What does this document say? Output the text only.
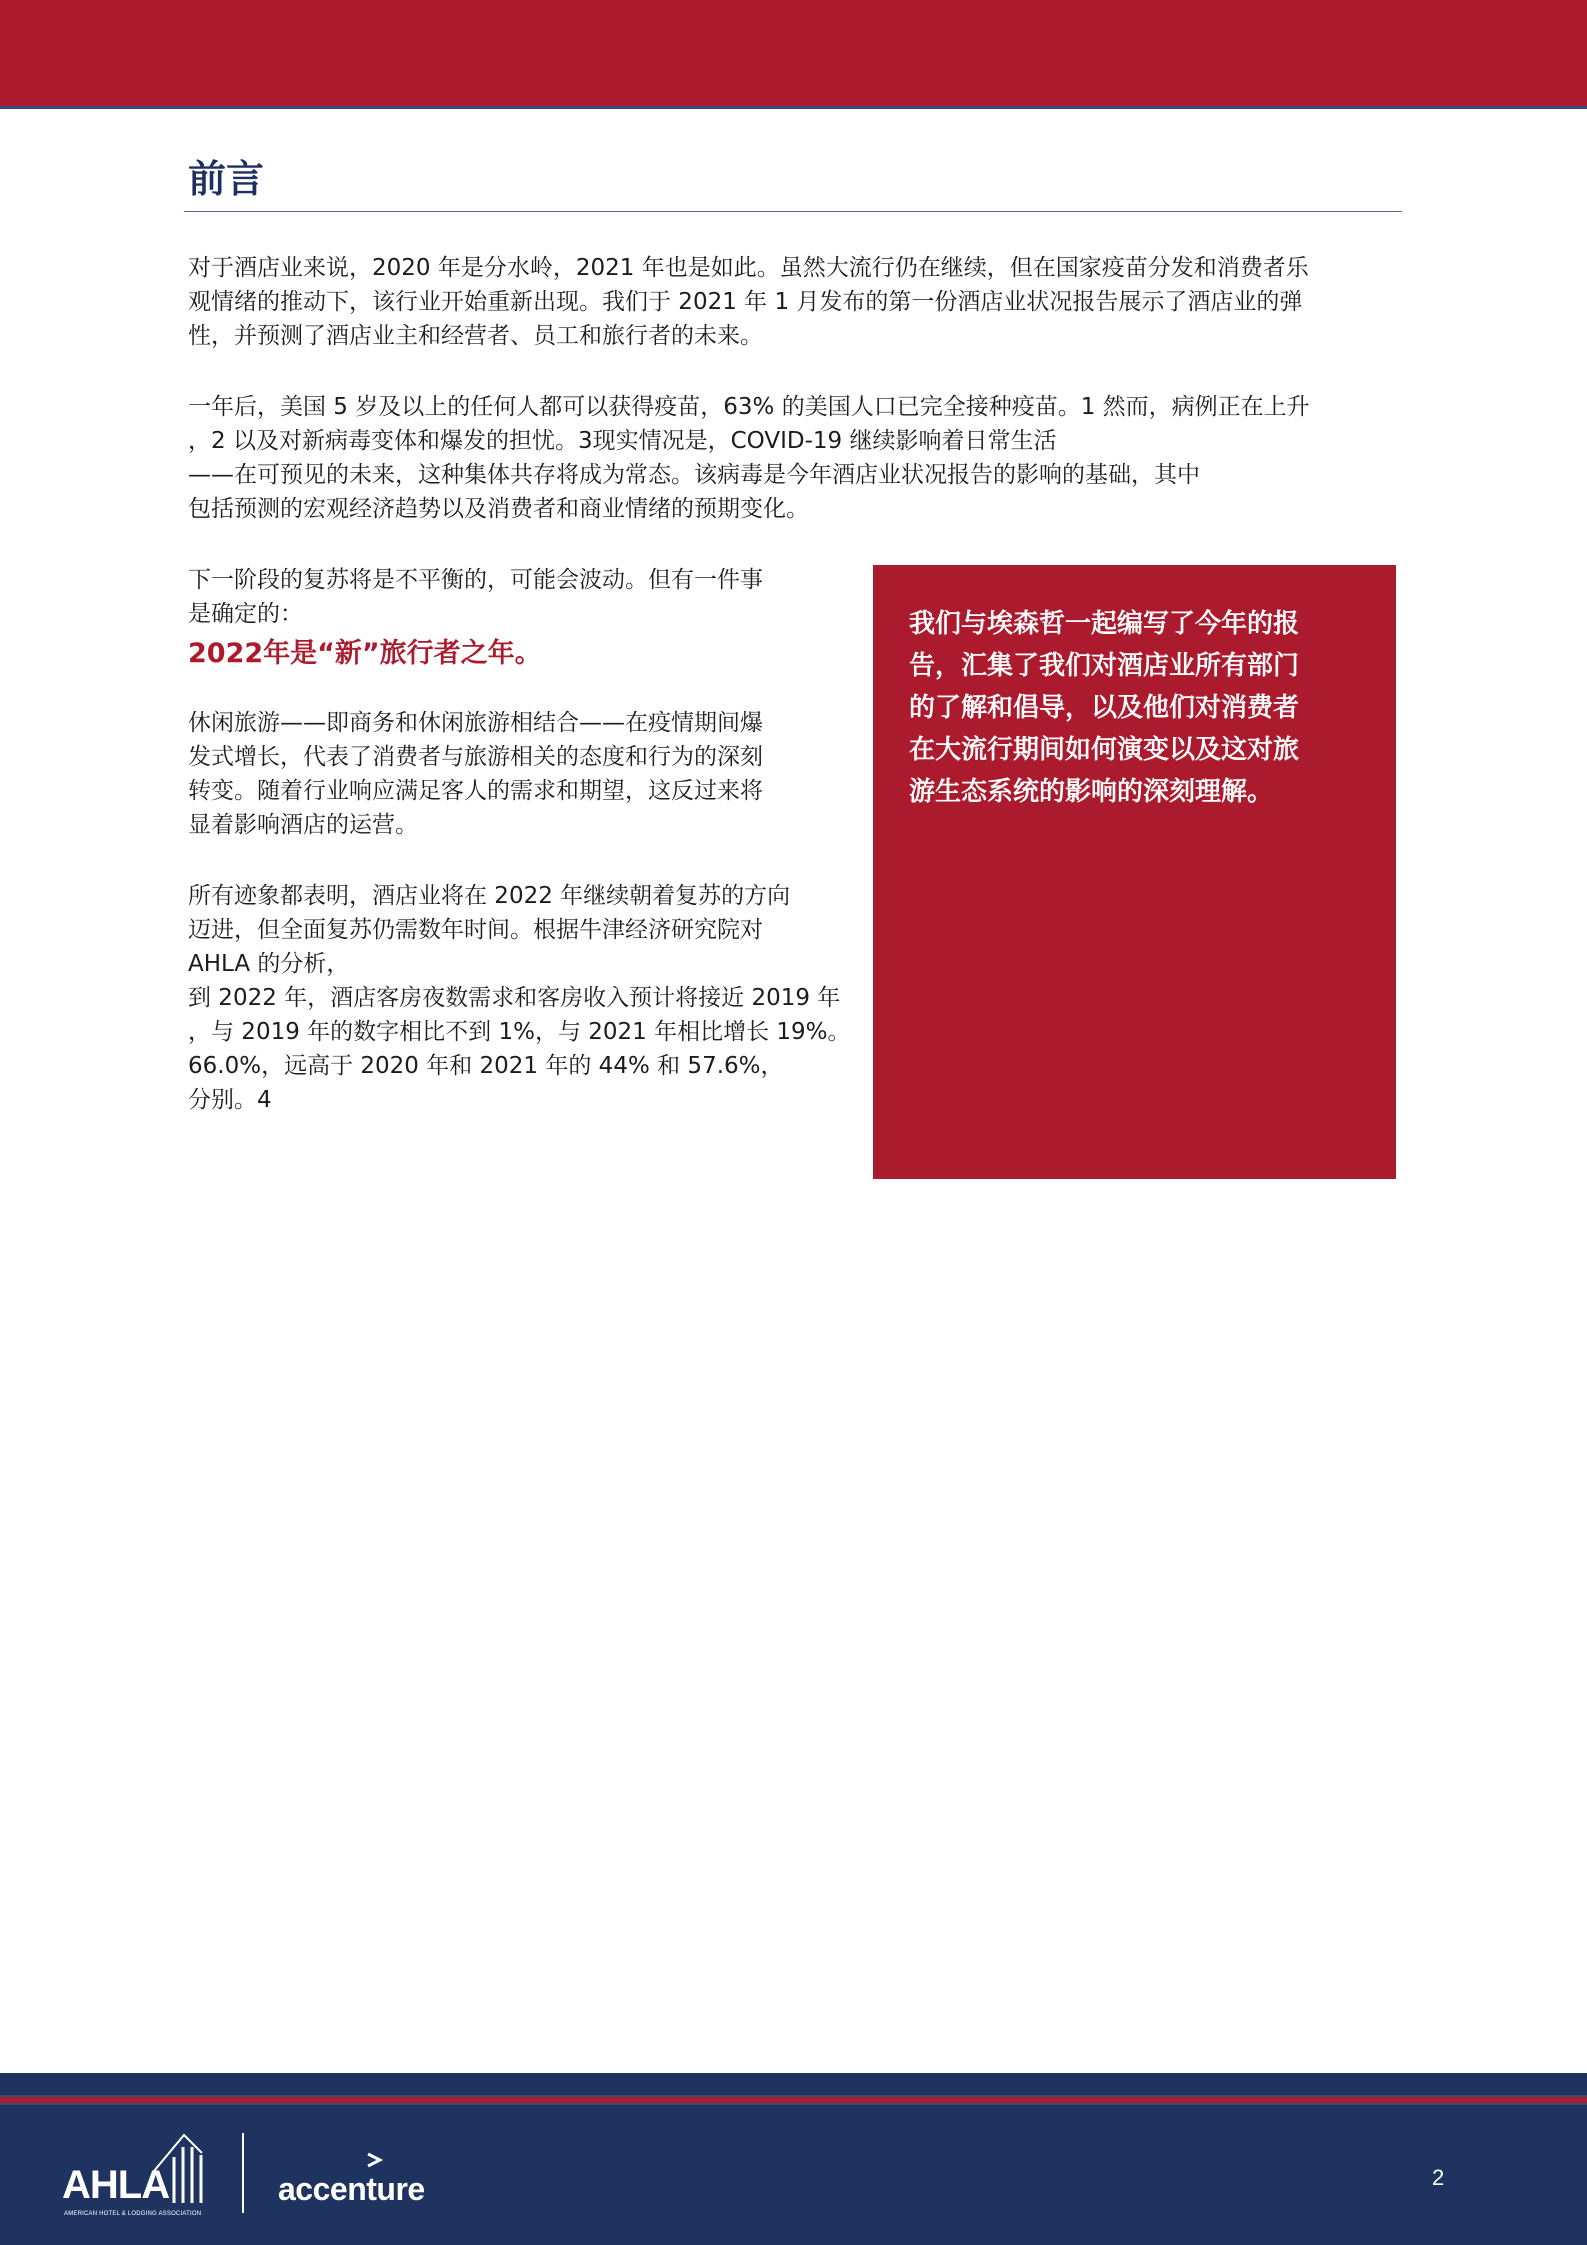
前言

对于酒店业来说，2020 年是分水岭，2021 年也是如此。虽然大流行仍在继续，但在国家疫苗分发和消费者乐
观情绪的推动下，该行业开始重新出现。我们于 2021 年 1 月发布的第一份酒店业状况报告展示了酒店业的弹
性，并预测了酒店业主和经营者、员工和旅行者的未来。

一年后，美国 5 岁及以上的任何人都可以获得疫苗，63% 的美国人口已完全接种疫苗。1 然而，病例正在上升
，2 以及对新病毒变体和爆发的担忧。3现实情况是，COVID-19 继续影响着日常生活
——在可预见的未来，这种集体共存将成为常态。该病毒是今年酒店业状况报告的影响的基础，其中
包括预测的宏观经济趋势以及消费者和商业情绪的预期变化。

下一阶段的复苏将是不平衡的，可能会波动。但有一件事
是确定的：

2022年是“新”旅行者之年。

休闲旅游——即商务和休闲旅游相结合——在疫情期间爆
发式增长，代表了消费者与旅游相关的态度和行为的深刻
转变。随着行业响应满足客人的需求和期望，这反过来将
显着影响酒店的运营。

所有迹象都表明，酒店业将在 2022 年继续朝着复苏的方向
迈进，但全面复苏仍需数年时间。根据牛津经济研究院对
AHLA 的分析，
到 2022 年，酒店客房夜数需求和客房收入预计将接近 2019 年
，与 2019 年的数字相比不到 1%，与 2021 年相比增长 19%。
66.0%，远高于 2020 年和 2021 年的 44% 和 57.6%，
分别。4

我们与埃森哲一起编写了今年的报
告，汇集了我们对酒店业所有部门
的了解和倡导，以及他们对消费者
在大流行期间如何演变以及这对旅
游生态系统的影响的深刻理解。

AHLA
AMERICAN HOTEL & LODGING ASSOCIATION
accenture	2
